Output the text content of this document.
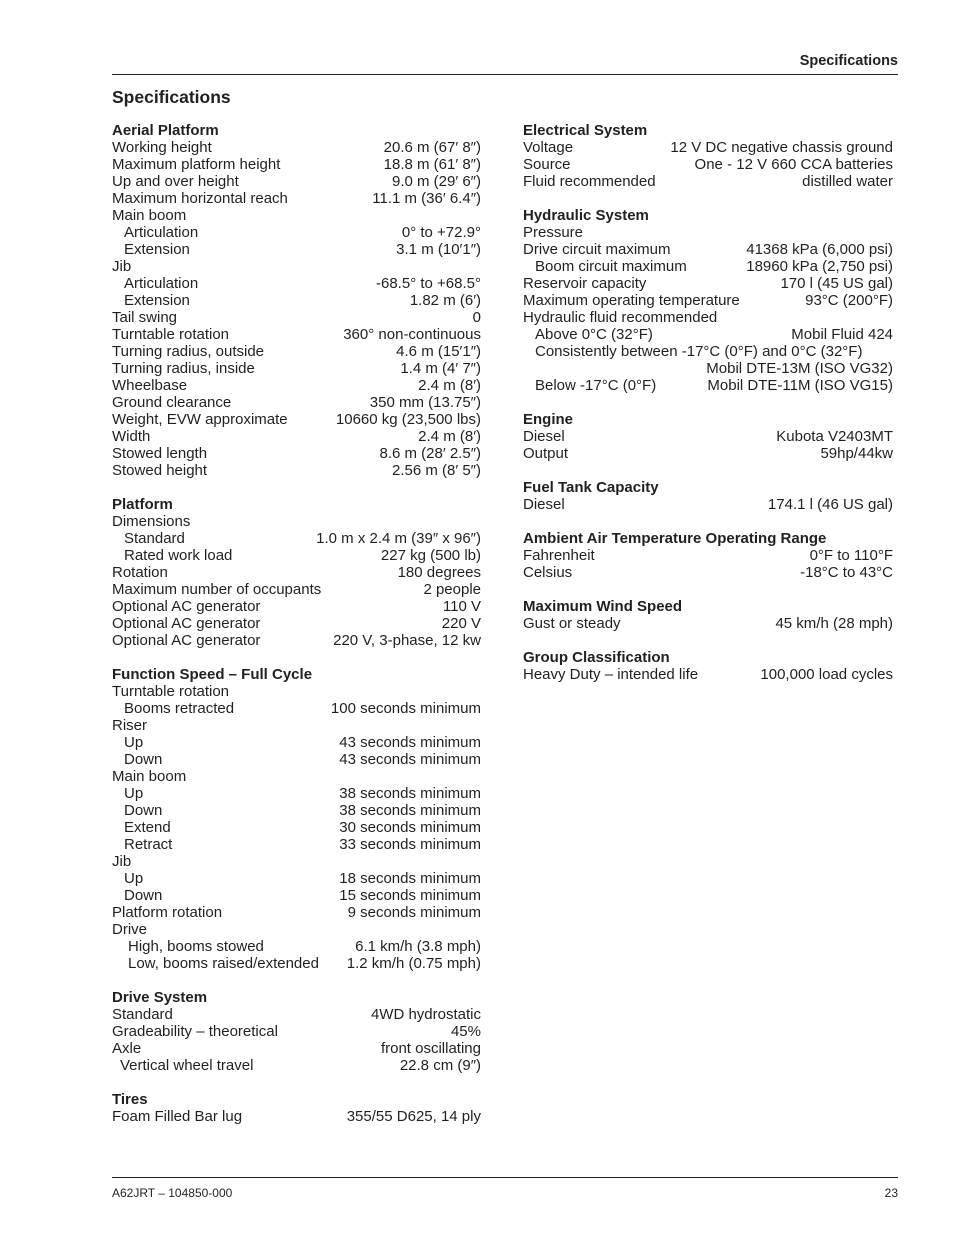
Specifications
Specifications
Aerial Platform
Working height	20.6 m (67′ 8″)
Maximum platform height	18.8 m (61′ 8″)
Up and over height	9.0 m (29′ 6″)
Maximum horizontal reach	11.1 m (36′ 6.4″)
Main boom
Articulation	0° to +72.9°
Extension	3.1 m (10′1″)
Jib
Articulation	-68.5° to +68.5°
Extension	1.82 m (6′)
Tail swing	0
Turntable rotation	360° non-continuous
Turning radius, outside	4.6 m (15′1″)
Turning radius, inside	1.4 m (4′ 7″)
Wheelbase	2.4 m (8′)
Ground clearance	350 mm (13.75″)
Weight, EVW approximate	10660 kg (23,500 lbs)
Width	2.4 m (8′)
Stowed length	8.6 m (28′ 2.5″)
Stowed height	2.56 m (8′ 5″)
Platform
Dimensions
Standard	1.0 m x 2.4 m (39″ x 96″)
Rated work load	227 kg (500 lb)
Rotation	180 degrees
Maximum number of occupants	2 people
Optional AC generator	110 V
Optional AC generator	220 V
Optional AC generator	220 V, 3-phase, 12 kw
Function Speed – Full Cycle
Turntable rotation
Booms retracted	100 seconds minimum
Riser
Up	43 seconds minimum
Down	43 seconds minimum
Main boom
Up	38 seconds minimum
Down	38 seconds minimum
Extend	30 seconds minimum
Retract	33 seconds minimum
Jib
Up	18 seconds minimum
Down	15 seconds minimum
Platform rotation	9 seconds minimum
Drive
High, booms stowed	6.1 km/h (3.8 mph)
Low, booms raised/extended 1.2 km/h (0.75 mph)
Drive System
Standard	4WD hydrostatic
Gradeability – theoretical	45%
Axle	front oscillating
Vertical wheel travel	22.8 cm (9″)
Tires
Foam Filled Bar lug	355/55 D625, 14 ply
Electrical System
Voltage	12 V DC negative chassis ground
Source	One - 12 V 660 CCA batteries
Fluid recommended	distilled water
Hydraulic System
Pressure
Drive circuit maximum	41368 kPa (6,000 psi)
Boom circuit maximum	18960 kPa (2,750 psi)
Reservoir capacity	170 l (45 US gal)
Maximum operating temperature	93°C (200°F)
Hydraulic fluid recommended
Above 0°C (32°F)	Mobil Fluid 424
Consistently between -17°C (0°F) and 0°C (32°F)
Mobil DTE-13M (ISO VG32)
Below -17°C (0°F)	Mobil DTE-11M (ISO VG15)
Engine
Diesel	Kubota V2403MT
Output	59hp/44kw
Fuel Tank Capacity
Diesel	174.1 l (46 US gal)
Ambient Air Temperature Operating Range
Fahrenheit	0°F to 110°F
Celsius	-18°C to 43°C
Maximum Wind Speed
Gust or steady	45 km/h (28 mph)
Group Classification
Heavy Duty – intended life	100,000 load cycles
A62JRT – 104850-000	23
